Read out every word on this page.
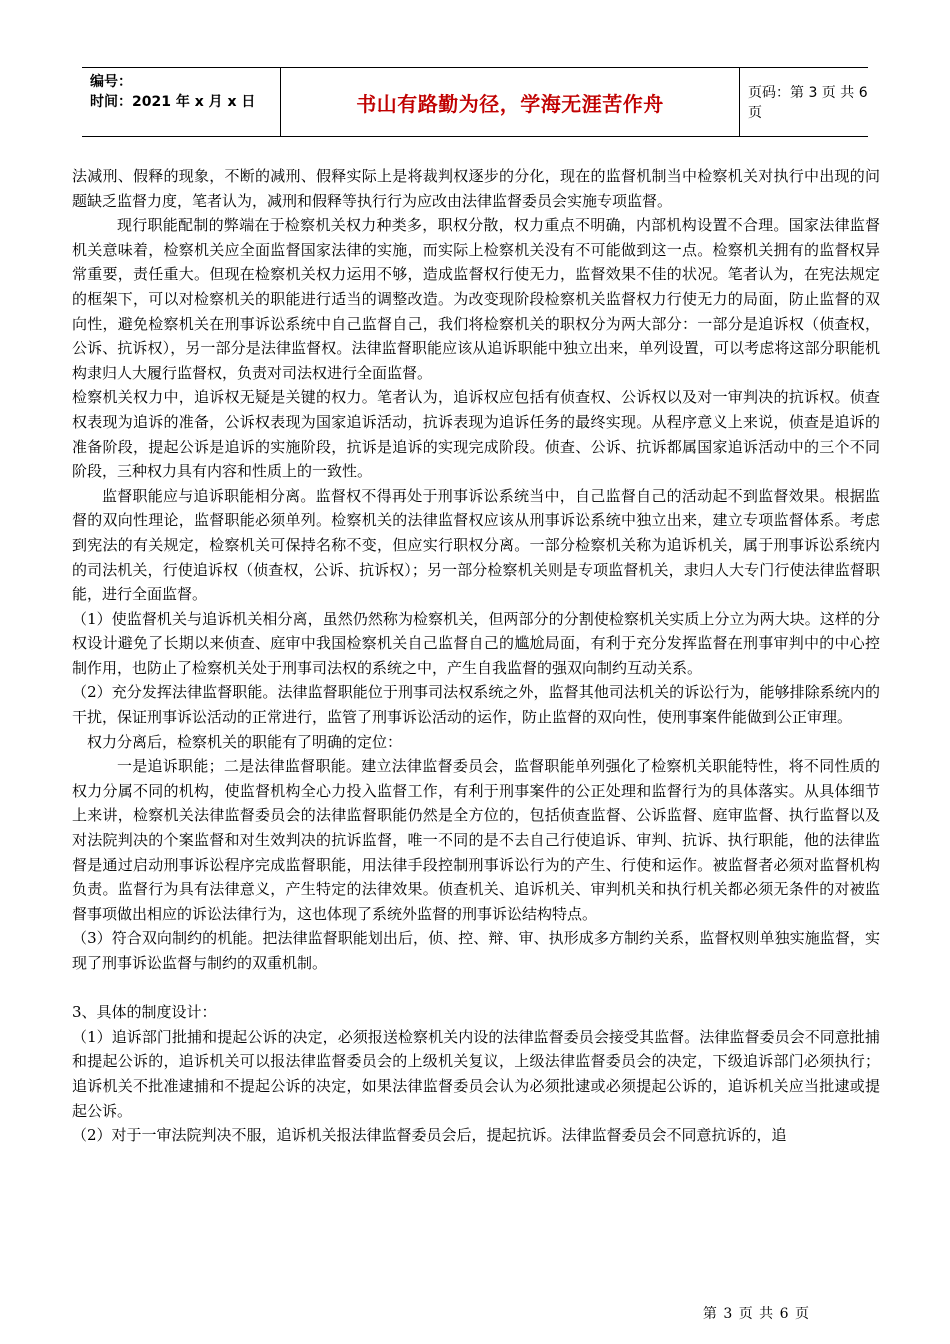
编号：
时间：2021 年 x 月 x 日	书山有路勤为径，学海无涯苦作舟	页码：第 3 页 共 6 页

法减刑、假释的现象，不断的减刑、假释实际上是将裁判权逐步的分化，现在的监督机制当中检察机关对执行中出现的问题缺乏监督力度，笔者认为，减刑和假释等执行行为应改由法律监督委员会实施专项监督。

现行职能配制的弊端在于检察机关权力种类多，职权分散，权力重点不明确，内部机构设置不合理。国家法律监督机关意味着，检察机关应全面监督国家法律的实施，而实际上检察机关没有不可能做到这一点。检察机关拥有的监督权异常重要，责任重大。但现在检察机关权力运用不够，造成监督权行使无力，监督效果不佳的状况。笔者认为，在宪法规定的框架下，可以对检察机关的职能进行适当的调整改造。为改变现阶段检察机关监督权力行使无力的局面，防止监督的双向性，避免检察机关在刑事诉讼系统中自己监督自己，我们将检察机关的职权分为两大部分：一部分是追诉权（侦查权，公诉、抗诉权），另一部分是法律监督权。法律监督职能应该从追诉职能中独立出来，单列设置，可以考虑将这部分职能机构隶归人大履行监督权，负责对司法权进行全面监督。

检察机关权力中，追诉权无疑是关键的权力。笔者认为，追诉权应包括有侦查权、公诉权以及对一审判决的抗诉权。侦查权表现为追诉的准备，公诉权表现为国家追诉活动，抗诉表现为追诉任务的最终实现。从程序意义上来说，侦查是追诉的准备阶段，提起公诉是追诉的实施阶段，抗诉是追诉的实现完成阶段。侦查、公诉、抗诉都属国家追诉活动中的三个不同阶段，三种权力具有内容和性质上的一致性。

监督职能应与追诉职能相分离。监督权不得再处于刑事诉讼系统当中，自己监督自己的活动起不到监督效果。根据监督的双向性理论，监督职能必须单列。检察机关的法律监督权应该从刑事诉讼系统中独立出来，建立专项监督体系。考虑到宪法的有关规定，检察机关可保持名称不变，但应实行职权分离。一部分检察机关称为追诉机关，属于刑事诉讼系统内的司法机关，行使追诉权（侦查权，公诉、抗诉权）；另一部分检察机关则是专项监督机关，隶归人大专门行使法律监督职能，进行全面监督。

（1）使监督机关与追诉机关相分离，虽然仍然称为检察机关，但两部分的分割使检察机关实质上分立为两大块。这样的分权设计避免了长期以来侦查、庭审中我国检察机关自己监督自己的尴尬局面，有利于充分发挥监督在刑事审判中的中心控制作用，也防止了检察机关处于刑事司法权的系统之中，产生自我监督的强双向制约互动关系。

（2）充分发挥法律监督职能。法律监督职能位于刑事司法权系统之外，监督其他司法机关的诉讼行为，能够排除系统内的干扰，保证刑事诉讼活动的正常进行，监管了刑事诉讼活动的运作，防止监督的双向性，使刑事案件能做到公正审理。

权力分离后，检察机关的职能有了明确的定位：

一是追诉职能；二是法律监督职能。建立法律监督委员会，监督职能单列强化了检察机关职能特性，将不同性质的权力分属不同的机构，使监督机构全心力投入监督工作，有利于刑事案件的公正处理和监督行为的具体落实。从具体细节上来讲，检察机关法律监督委员会的法律监督职能仍然是全方位的，包括侦查监督、公诉监督、庭审监督、执行监督以及对法院判决的个案监督和对生效判决的抗诉监督，唯一不同的是不去自己行使追诉、审判、抗诉、执行职能，他的法律监督是通过启动刑事诉讼程序完成监督职能，用法律手段控制刑事诉讼行为的产生、行使和运作。被监督者必须对监督机构负责。监督行为具有法律意义，产生特定的法律效果。侦查机关、追诉机关、审判机关和执行机关都必须无条件的对被监督事项做出相应的诉讼法律行为，这也体现了系统外监督的刑事诉讼结构特点。

（3）符合双向制约的机能。把法律监督职能划出后，侦、控、辩、审、执形成多方制约关系，监督权则单独实施监督，实现了刑事诉讼监督与制约的双重机制。

3、具体的制度设计：

（1）追诉部门批捕和提起公诉的决定，必须报送检察机关内设的法律监督委员会接受其监督。法律监督委员会不同意批捕和提起公诉的，追诉机关可以报法律监督委员会的上级机关复议，上级法律监督委员会的决定，下级追诉部门必须执行；追诉机关不批准逮捕和不提起公诉的决定，如果法律监督委员会认为必须批逮或必须提起公诉的，追诉机关应当批逮或提起公诉。

（2）对于一审法院判决不服，追诉机关报法律监督委员会后，提起抗诉。法律监督委员会不同意抗诉的，追

第 3 页 共 6 页
